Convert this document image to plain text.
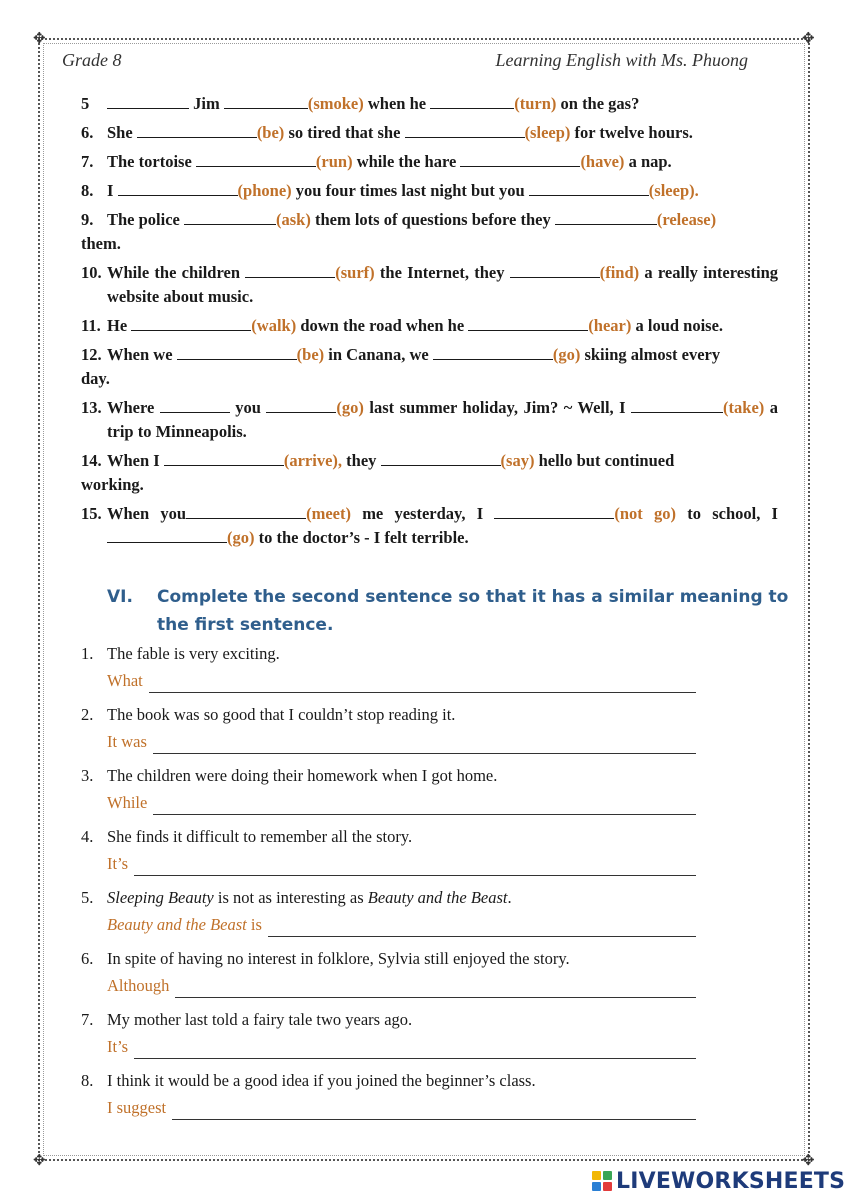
✥	✥
✥	✥
Grade 8	Learning English with Ms. Phuong
5	Jim	(smoke) when he	(turn) on the gas?
6. She	(be) so tired that she	(sleep) for twelve hours.
7. The tortoise	(run) while the hare	(have) a nap.
8. I	(phone) you four times last night but you	(sleep).
9. The police	(ask) them lots of questions before they	(release)
them.
10. While the children	(surf) the Internet, they	(find) a really interesting website about music.
11. He	(walk) down the road when he	(hear) a loud noise.
12. When we	(be) in Canana, we	(go) skiing almost every
day.
13. Where	you	(go) last summer holiday, Jim? ~ Well, I	(take) a trip to Minneapolis.
14. When I	(arrive), they	(say) hello but continued
working.
15. When you	(meet) me yesterday, I	(not go) to school, I (go) to the doctor’s - I felt terrible.
VI. Complete the second sentence so that it has a similar meaning to the first sentence.
1. The fable is very exciting.
What
2. The book was so good that I couldn’t stop reading it.
It was
3. The children were doing their homework when I got home.
While
4. She finds it difficult to remember all the story.
It’s
5. Sleeping Beauty is not as interesting as Beauty and the Beast.
Beauty and the Beast is
6. In spite of having no interest in folklore, Sylvia still enjoyed the story.
Although
7. My mother last told a fairy tale two years ago.
It’s
8. I think it would be a good idea if you joined the beginner’s class.
I suggest
LIVEWORKSHEETS
